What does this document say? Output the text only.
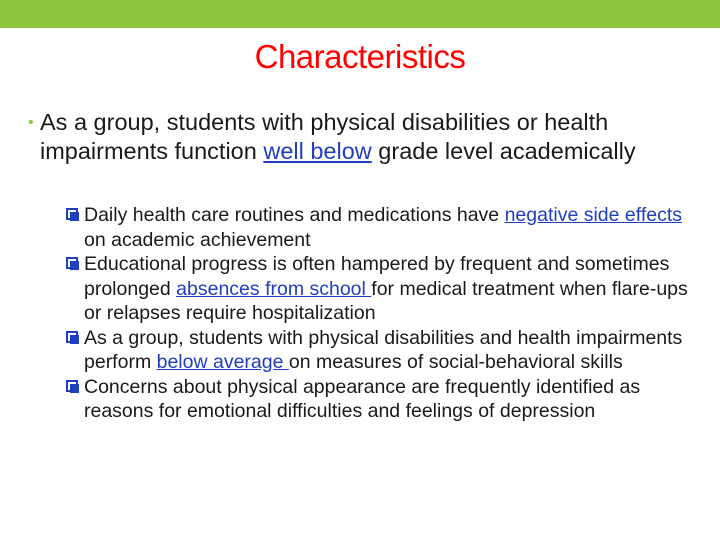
Characteristics
• As a group, students with physical disabilities or health impairments function well below grade level academically
Daily health care routines and medications have negative side effects on academic achievement
Educational progress is often hampered by frequent and sometimes prolonged absences from school for medical treatment when flare-ups or relapses require hospitalization
As a group, students with physical disabilities and health impairments perform below average on measures of social-behavioral skills
Concerns about physical appearance are frequently identified as reasons for emotional difficulties and feelings of depression
